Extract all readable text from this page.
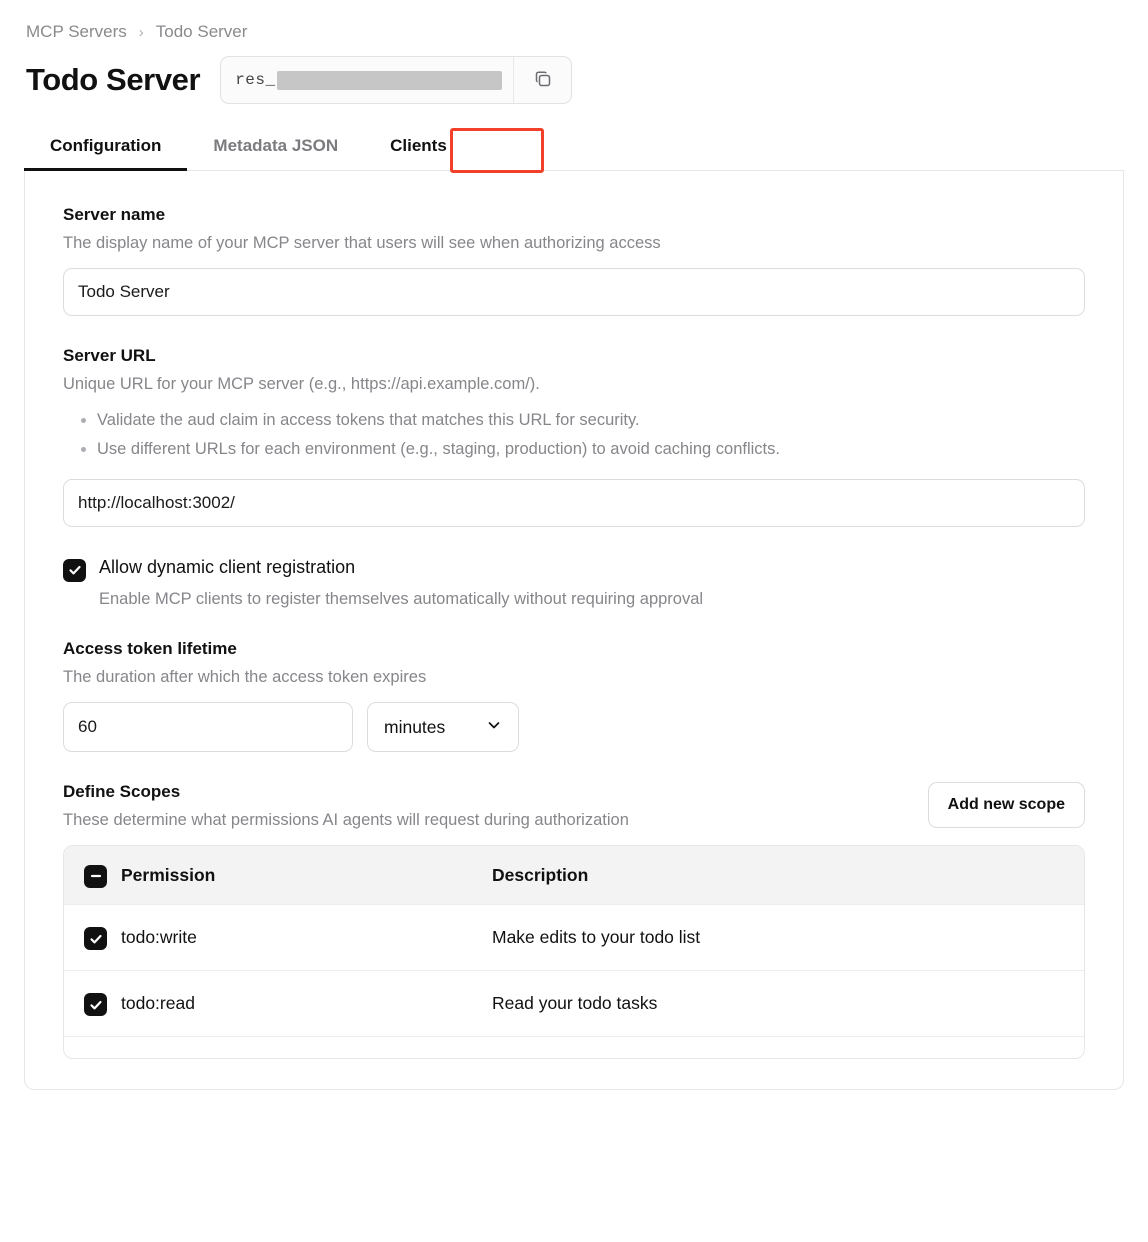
MCP Servers › Todo Server
Todo Server res_
Configuration	Metadata JSON	Clients
Server name
The display name of your MCP server that users will see when authorizing access
Todo Server
Server URL
Unique URL for your MCP server (e.g., https://api.example.com/).
• Validate the aud claim in access tokens that matches this URL for security.
• Use different URLs for each environment (e.g., staging, production) to avoid caching conflicts.
http://localhost:3002/
Allow dynamic client registration
Enable MCP clients to register themselves automatically without requiring approval
Access token lifetime
The duration after which the access token expires
60
minutes
Define Scopes
These determine what permissions AI agents will request during authorization
Add new scope
Permission	Description
todo:write	Make edits to your todo list
todo:read	Read your todo tasks
